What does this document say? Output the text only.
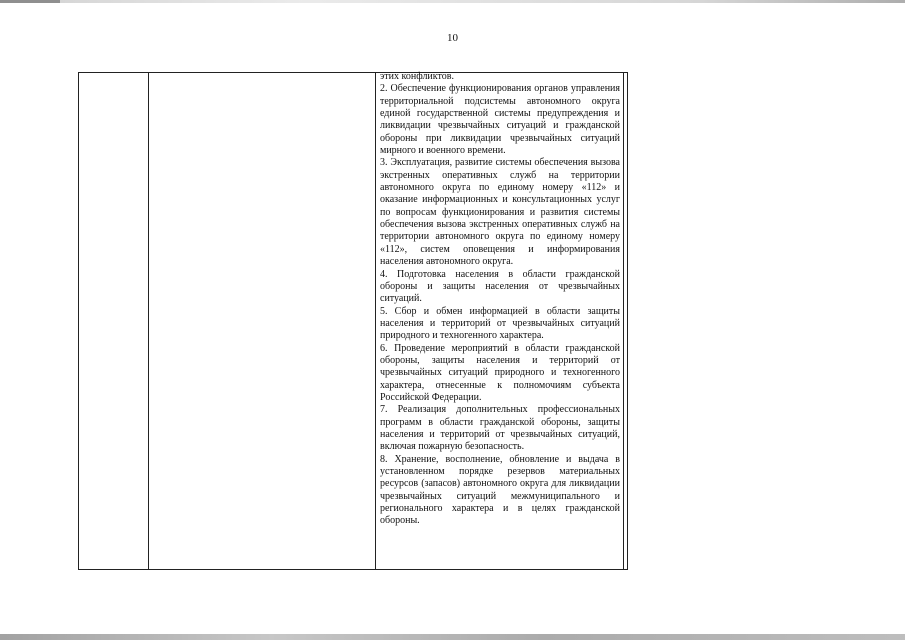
10

этих конфликтов.
2. Обеспечение функционирования органов управления территориальной подсистемы автономного округа единой государственной системы предупреждения и ликвидации чрезвычайных ситуаций и гражданской обороны при ликвидации чрезвычайных ситуаций мирного и военного времени.
3. Эксплуатация, развитие системы обеспечения вызова экстренных оперативных служб на территории автономного округа по единому номеру «112» и оказание информационных и консультационных услуг по вопросам функционирования и развития системы обеспечения вызова экстренных оперативных служб на территории автономного округа по единому номеру «112», систем оповещения и информирования населения автономного округа.
4. Подготовка населения в области гражданской обороны и защиты населения от чрезвычайных ситуаций.
5. Сбор и обмен информацией в области защиты населения и территорий от чрезвычайных ситуаций природного и техногенного характера.
6. Проведение мероприятий в области гражданской обороны, защиты населения и территорий от чрезвычайных ситуаций природного и техногенного характера, отнесенные к полномочиям субъекта Российской Федерации.
7. Реализация дополнительных профессиональных программ в области гражданской обороны, защиты населения и территорий от чрезвычайных ситуаций, включая пожарную безопасность.
8. Хранение, восполнение, обновление и выдача в установленном порядке резервов материальных ресурсов (запасов) автономного округа для ликвидации чрезвычайных ситуаций межмуниципального и регионального характера и в целях гражданской обороны.
